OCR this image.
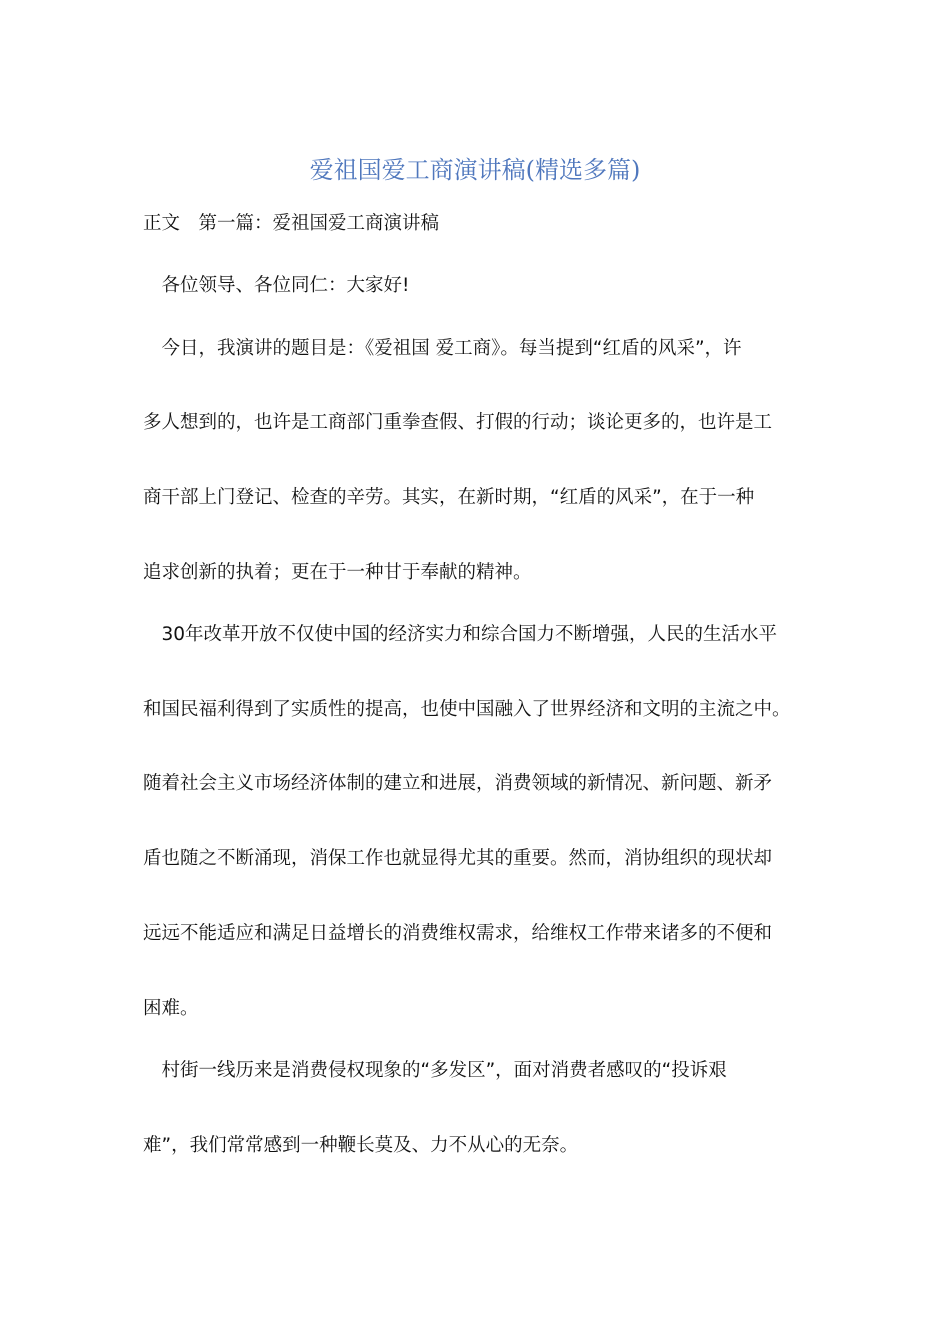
爱祖国爱工商演讲稿(精选多篇)
正文　第一篇：爱祖国爱工商演讲稿
　各位领导、各位同仁：大家好!
　今日，我演讲的题目是：《爱祖国 爱工商》。每当提到“红盾的风采”，许
多人想到的，也许是工商部门重拳查假、打假的行动；谈论更多的，也许是工
商干部上门登记、检查的辛劳。其实，在新时期，“红盾的风采”，在于一种
追求创新的执着；更在于一种甘于奉献的精神。
　30年改革开放不仅使中国的经济实力和综合国力不断增强，人民的生活水平
和国民福利得到了实质性的提高，也使中国融入了世界经济和文明的主流之中。
随着社会主义市场经济体制的建立和进展，消费领域的新情况、新问题、新矛
盾也随之不断涌现，消保工作也就显得尤其的重要。然而，消协组织的现状却
远远不能适应和满足日益增长的消费维权需求，给维权工作带来诸多的不便和
困难。
　村街一线历来是消费侵权现象的“多发区”，面对消费者感叹的“投诉艰
难”，我们常常感到一种鞭长莫及、力不从心的无奈。
